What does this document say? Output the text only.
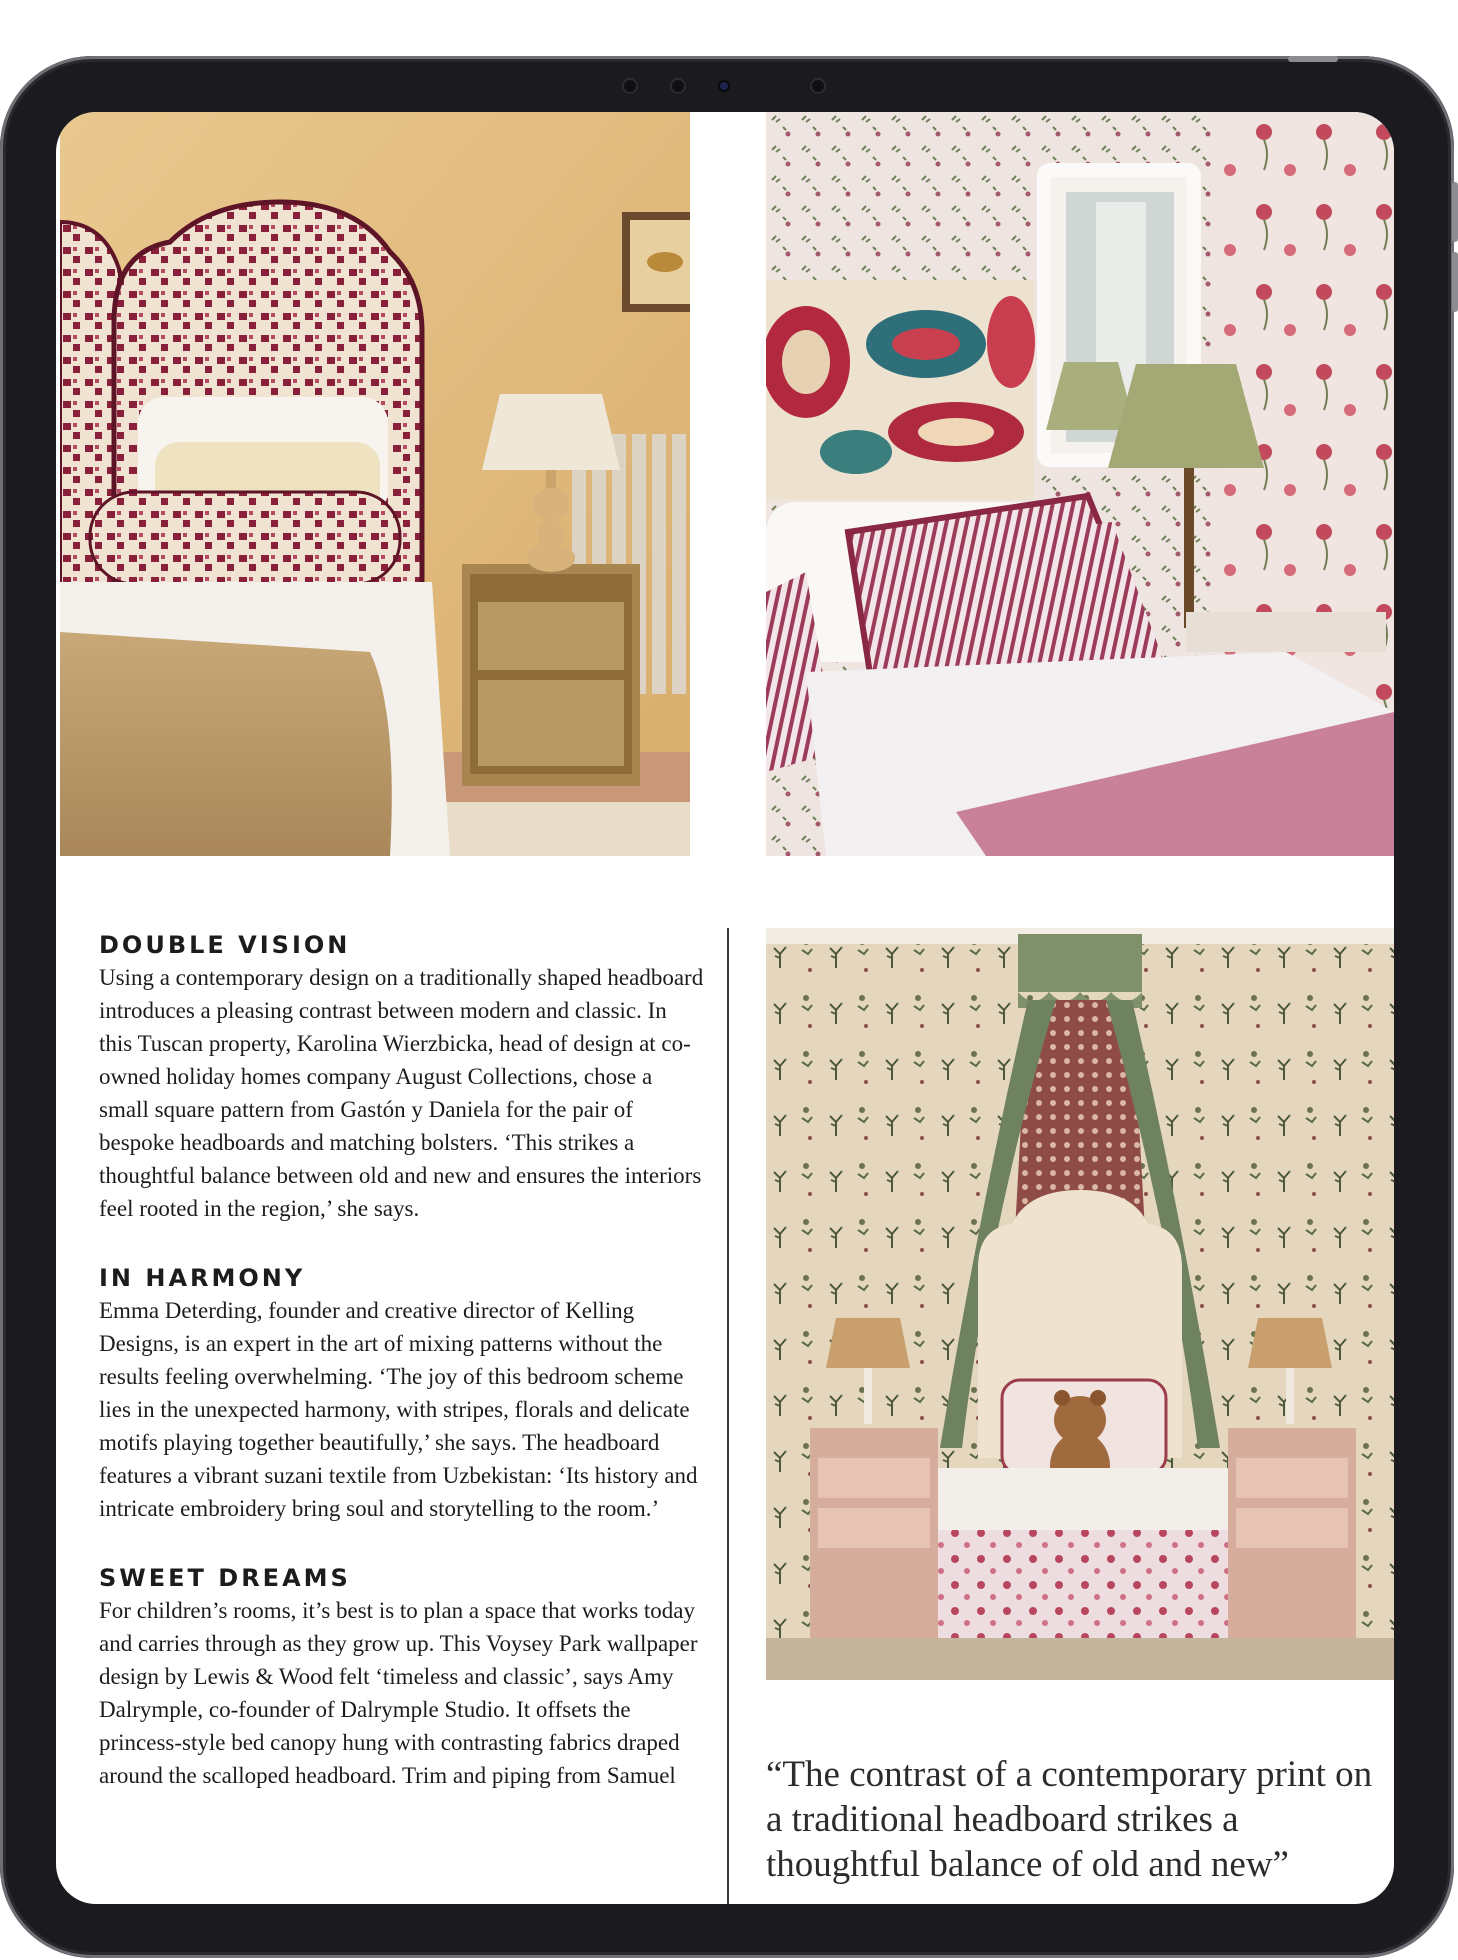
DOUBLE VISION

Using a contemporary design on a traditionally shaped headboard introduces a pleasing contrast between modern and classic. In this Tuscan property, Karolina Wierzbicka, head of design at co-owned holiday homes company August Collections, chose a small square pattern from Gastón y Daniela for the pair of bespoke headboards and matching bolsters. ‘This strikes a thoughtful balance between old and new and ensures the interiors feel rooted in the region,’ she says.

IN HARMONY

Emma Deterding, founder and creative director of Kelling Designs, is an expert in the art of mixing patterns without the results feeling overwhelming. ‘The joy of this bedroom scheme lies in the unexpected harmony, with stripes, florals and delicate motifs playing together beautifully,’ she says. The headboard features a vibrant suzani textile from Uzbekistan: ‘Its history and intricate embroidery bring soul and storytelling to the room.’

SWEET DREAMS

For children’s rooms, it’s best is to plan a space that works today and carries through as they grow up. This Voysey Park wallpaper design by Lewis & Wood felt ‘timeless and classic’, says Amy Dalrymple, co-founder of Dalrymple Studio. It offsets the princess-style bed canopy hung with contrasting fabrics draped around the scalloped headboard. Trim and piping from Samuel	“The contrast of a contemporary print on a traditional headboard strikes a thoughtful balance of old and new”
